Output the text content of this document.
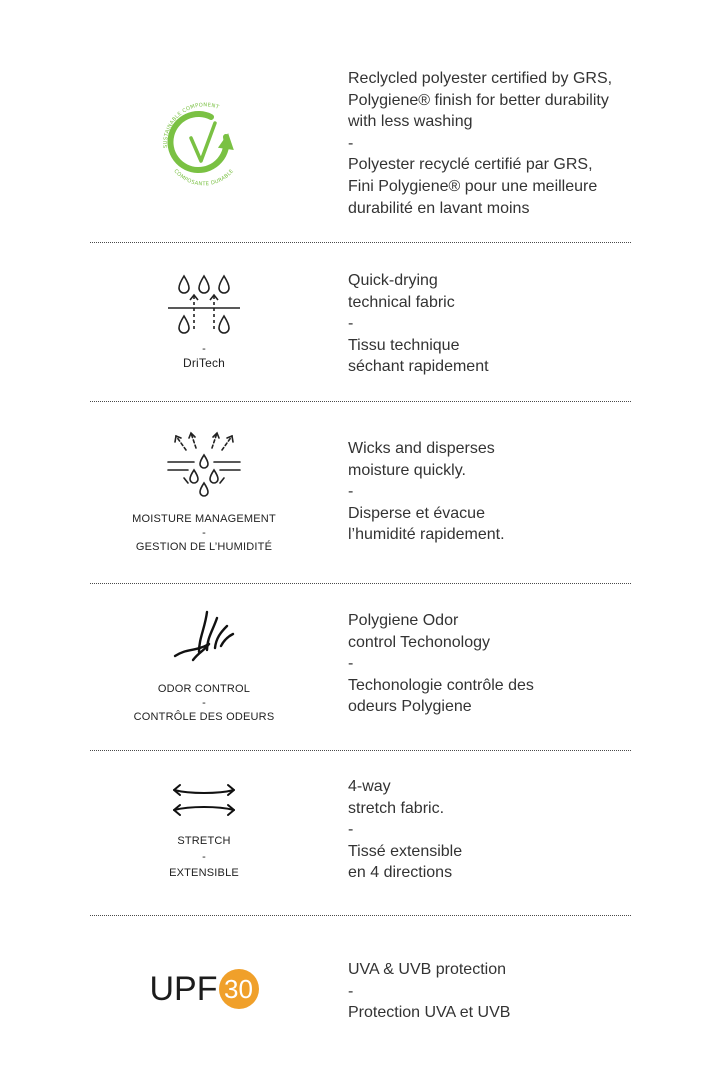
SUSTAINABLE COMPONENT
COMPOSANTE DURABLE
Reclycled polyester certified by GRS,
Polygiene® finish for better durability
with less washing
-
Polyester recyclé certifié par GRS,
Fini Polygiene® pour une meilleure
durabilité en lavant moins
-
DriTech
Quick-drying
technical fabric
-
Tissu technique
séchant rapidement
MOISTURE MANAGEMENT
-
GESTION DE L’HUMIDITÉ
Wicks and disperses
moisture quickly.
-
Disperse et évacue
l’humidité rapidement.
ODOR CONTROL
-
CONTRÔLE DES ODEURS
Polygiene Odor
control Techonology
-
Techonologie contrôle des
odeurs Polygiene
STRETCH
-
EXTENSIBLE
4-way
stretch fabric.
-
Tissé extensible
en 4 directions
UPF 30
UVA & UVB protection
-
Protection UVA et UVB
